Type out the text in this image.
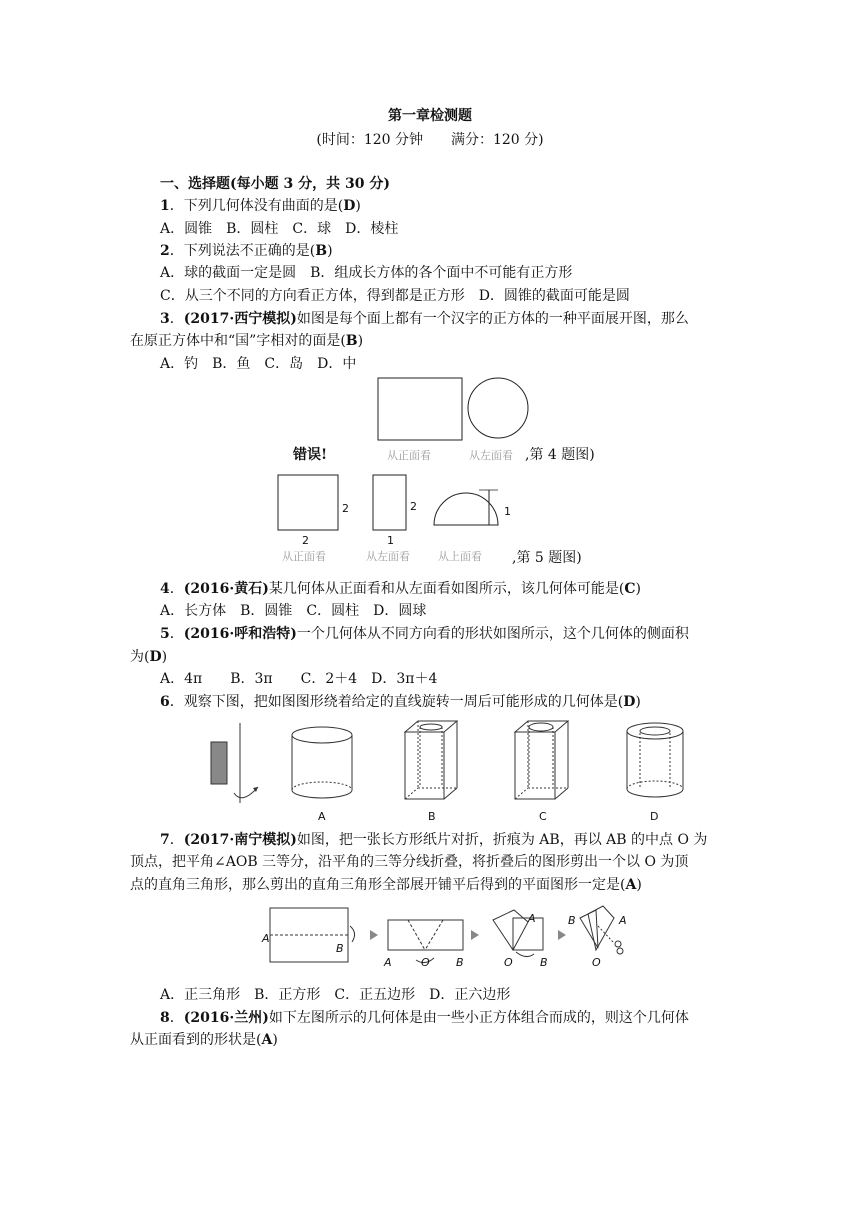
第一章检测题
(时间：120 分钟　　满分：120 分)
一、选择题(每小题 3 分，共 30 分)
1．下列几何体没有曲面的是(D)
A．圆锥　B．圆柱　C．球　D．棱柱
2．下列说法不正确的是(B)
A．球的截面一定是圆　B．组成长方体的各个面中不可能有正方形
C．从三个不同的方向看正方体，得到都是正方形　D．圆锥的截面可能是圆
3．(2017·西宁模拟)如图是每个面上都有一个汉字的正方体的一种平面展开图，那么
在原正方体中和“国”字相对的面是(B)
A．钓　B．鱼　C．岛　D．中
错误!	从正面看	从左面看 ,第 4 题图)
2
2
2
1
1
从正面看	从左面看	从上面看 ,第 5 题图)
4．(2016·黄石)某几何体从正面看和从左面看如图所示，该几何体可能是(C)
A．长方体　B．圆锥　C．圆柱　D．圆球
5．(2016·呼和浩特)一个几何体从不同方向看的形状如图所示，这个几何体的侧面积
为(D)
A．4π　　B．3π　　C．2＋4　D．3π＋4
6．观察下图，把如图图形绕着给定的直线旋转一周后可能形成的几何体是(D)
A	B	C	D
7．(2017·南宁模拟)如图，把一张长方形纸片对折，折痕为 AB，再以 AB 的中点 O 为
顶点，把平角∠AOB 三等分，沿平角的三等分线折叠，将折叠后的图形剪出一个以 O 为顶
点的直角三角形，那么剪出的直角三角形全部展开铺平后得到的平面图形一定是(A)
A
B
A	O B
A
O B
B	A
O
A．正三角形　B．正方形　C．正五边形　D．正六边形
8．(2016·兰州)如下左图所示的几何体是由一些小正方体组合而成的，则这个几何体
从正面看到的形状是(A)
